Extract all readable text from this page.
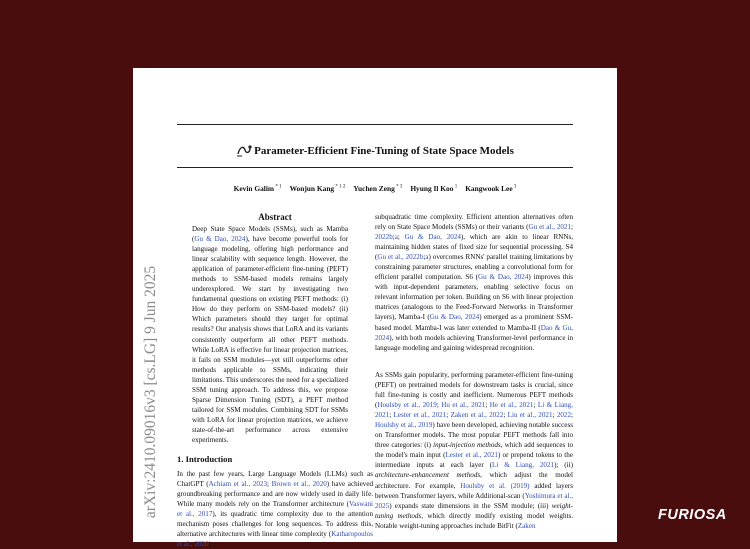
Parameter-Efficient Fine-Tuning of State Space Models
Kevin Galim $^{* 1}$ Wonjun Kang $^{* 1 2}$ Yuchen Zeng $^{* 3}$ Hyung Il Koo $^1$ Kangwook Lee $^3$
Abstract
Deep State Space Models (SSMs), such as Mamba (Gu & Dao, 2024), have become powerful tools for language modeling, offering high performance and linear scalability with sequence length. However, the application of parameter-efficient fine-tuning (PEFT) methods to SSM-based models remains largely underexplored. We start by investigating two fundamental questions on existing PEFT methods: (i) How do they perform on SSM-based models? (ii) Which parameters should they target for optimal results? Our analysis shows that LoRA and its variants consistently outperform all other PEFT methods. While LoRA is effective for linear projection matrices, it fails on SSM modules—yet still outperforms other methods applicable to SSMs, indicating their limitations. This underscores the need for a specialized SSM tuning approach. To address this, we propose Sparse Dimension Tuning (SDT), a PEFT method tailored for SSM modules. Combining SDT for SSMs with LoRA for linear projection matrices, we achieve state-of-the-art performance across extensive experiments.
1. Introduction
In the past few years, Large Language Models (LLMs) such as ChatGPT (Achiam et al., 2023; Brown et al., 2020) have achieved groundbreaking performance and are now widely used in daily life. While many models rely on the Transformer architecture (Vaswani et al., 2017), its quadratic time complexity due to the attention mechanism poses challenges for long sequences. To address this, alternative architectures with linear time complexity (Katharopoulos et al., 2020) ...
subquadratic time complexity. Efficient attention alternatives often rely on State Space Models (SSMs) or their variants (Gu et al., 2021; 2022b;a; Gu & Dao, 2024), which are akin to linear RNNs, maintaining hidden states of fixed size for sequential processing. S4 (Gu et al., 2022b;a) overcomes RNNs' parallel training limitations by constraining parameter structures, enabling a convolutional form for efficient parallel computation. S6 (Gu & Dao, 2024) improves this with input-dependent parameters, enabling selective focus on relevant information per token. Building on S6 with linear projection matrices (analogous to the Feed-Forward Networks in Transformer layers), Mamba-I (Gu & Dao, 2024) emerged as a prominent SSM-based model. Mamba-I was later extended to Mamba-II (Dao & Gu, 2024), with both models achieving Transformer-level performance in language modeling and gaining widespread recognition.
As SSMs gain popularity, performing parameter-efficient fine-tuning (PEFT) on pretrained models for downstream tasks is crucial, since full fine-tuning is costly and inefficient. Numerous PEFT methods (Houlsby et al., 2019; Hu et al., 2021; He et al., 2021; Li & Liang, 2021; Lester et al., 2021; Zaken et al., 2022; Liu et al., 2021; 2022; Houlsby et al., 2019) have been developed, achieving notable success on Transformer models. The most popular PEFT methods fall into three categories: (i) input-injection methods, which add sequences to the model's main input (Lester et al., 2021) or prepend tokens to the intermediate inputs at each layer (Li & Liang, 2021); (ii) architecture-enhancement methods, which adjust the model architecture. For example, Houlsby et al. (2019) added layers between Transformer layers, while Additional-scan (Yoshimura et al., 2025) expands state dimensions in the SSM module; (iii) weight-tuning methods, which directly modify existing model weights. Notable weight-tuning approaches include BitFit (Zaken
arXiv:2410.09016v3 [cs.LG] 9 Jun 2025	FURIOSA
